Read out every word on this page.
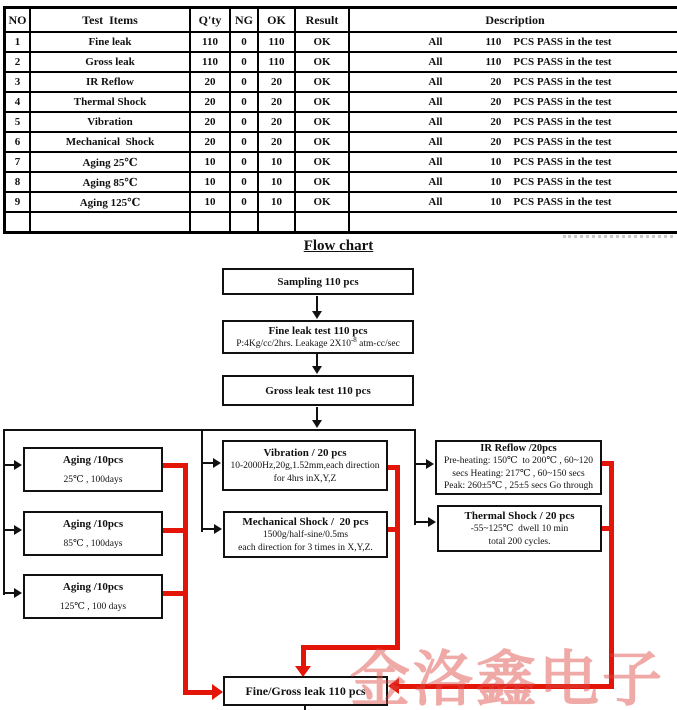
NO	Test  Items	Q'ty	NG	OK	Result	Description
1	Fine leak	110	0	110	OK	All 110 PCS PASS in the test
2	Gross leak	110	0	110	OK	All 110 PCS PASS in the test
3	IR Reflow	20	0	20	OK	All 20 PCS PASS in the test
4	Thermal Shock	20	0	20	OK	All 20 PCS PASS in the test
5	Vibration	20	0	20	OK	All 20 PCS PASS in the test
6	Mechanical  Shock	20	0	20	OK	All 20 PCS PASS in the test
7	Aging 25℃	10	0	10	OK	All 10 PCS PASS in the test
8	Aging 85℃	10	0	10	OK	All 10 PCS PASS in the test
9	Aging 125℃	10	0	10	OK	All 10 PCS PASS in the test

Flow chart
Sampling 110 pcs
Fine leak test 110 pcs
P:4Kg/cc/2hrs. Leakage $2X10^{-8}$ atm-cc/sec
Gross leak test 110 pcs
Aging /10pcs
25℃ , 100days
Aging /10pcs
85℃ , 100days
Aging /10pcs
125℃ , 100 days
Vibration / 20 pcs
10-2000Hz,20g,1.52mm,each direction
for 4hrs inX,Y,Z
Mechanical Shock /  20 pcs
1500g/half-sine/0.5ms
each direction for 3 times in X,Y,Z.
IR Reflow /20pcs
Pre-heating: 150℃  to 200℃ , 60~120
secs Heating: 217℃ , 60~150 secs
Peak: 260±5℃ , 25±5 secs Go through
Thermal Shock / 20 pcs
-55~125℃  dwell 10 min
total 200 cycles.
Fine/Gross leak 110 pcs
金洛鑫电子
